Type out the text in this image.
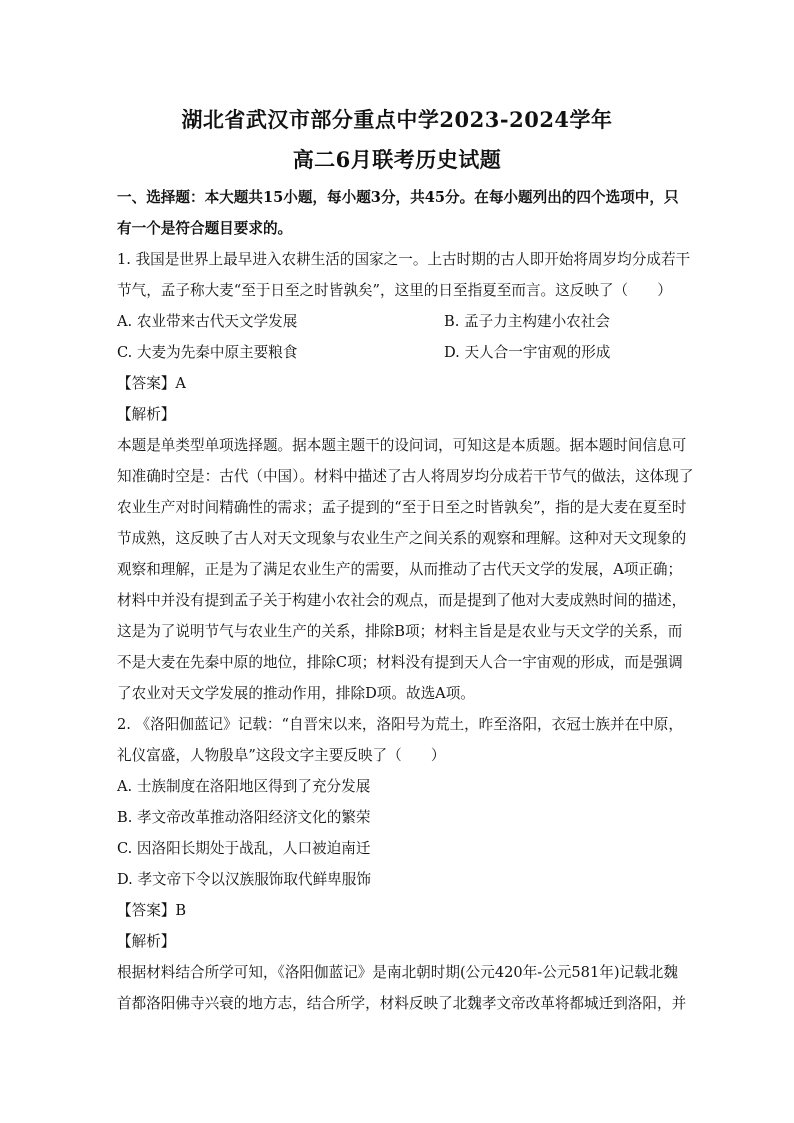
湖北省武汉市部分重点中学2023-2024学年
高二6月联考历史试题
一、选择题：本大题共15小题，每小题3分，共45分。在每小题列出的四个选项中，只
有一个是符合题目要求的。
1. 我国是世界上最早进入农耕生活的国家之一。上古时期的古人即开始将周岁均分成若干
节气，孟子称大麦“至于日至之时皆孰矣”，这里的日至指夏至而言。这反映了（　　）
A. 农业带来古代天文学发展	B. 孟子力主构建小农社会
C. 大麦为先秦中原主要粮食	D. 天人合一宇宙观的形成
【答案】A
【解析】
本题是单类型单项选择题。据本题主题干的设问词，可知这是本质题。据本题时间信息可
知准确时空是：古代（中国）。材料中描述了古人将周岁均分成若干节气的做法，这体现了
农业生产对时间精确性的需求；孟子提到的“至于日至之时皆孰矣”，指的是大麦在夏至时
节成熟，这反映了古人对天文现象与农业生产之间关系的观察和理解。这种对天文现象的
观察和理解，正是为了满足农业生产的需要，从而推动了古代天文学的发展，A项正确；
材料中并没有提到孟子关于构建小农社会的观点，而是提到了他对大麦成熟时间的描述，
这是为了说明节气与农业生产的关系，排除B项；材料主旨是是农业与天文学的关系，而
不是大麦在先秦中原的地位，排除C项；材料没有提到天人合一宇宙观的形成，而是强调
了农业对天文学发展的推动作用，排除D项。故选A项。
2. 《洛阳伽蓝记》记载：“自晋宋以来，洛阳号为荒土，昨至洛阳，衣冠士族并在中原，
礼仪富盛，人物殷阜”这段文字主要反映了（　　）
A. 士族制度在洛阳地区得到了充分发展
B. 孝文帝改革推动洛阳经济文化的繁荣
C. 因洛阳长期处于战乱，人口被迫南迁
D. 孝文帝下令以汉族服饰取代鲜卑服饰
【答案】B
【解析】
根据材料结合所学可知，《洛阳伽蓝记》是南北朝时期(公元420年-公元581年)记载北魏
首都洛阳佛寺兴衰的地方志，结合所学，材料反映了北魏孝文帝改革将都城迁到洛阳，并
